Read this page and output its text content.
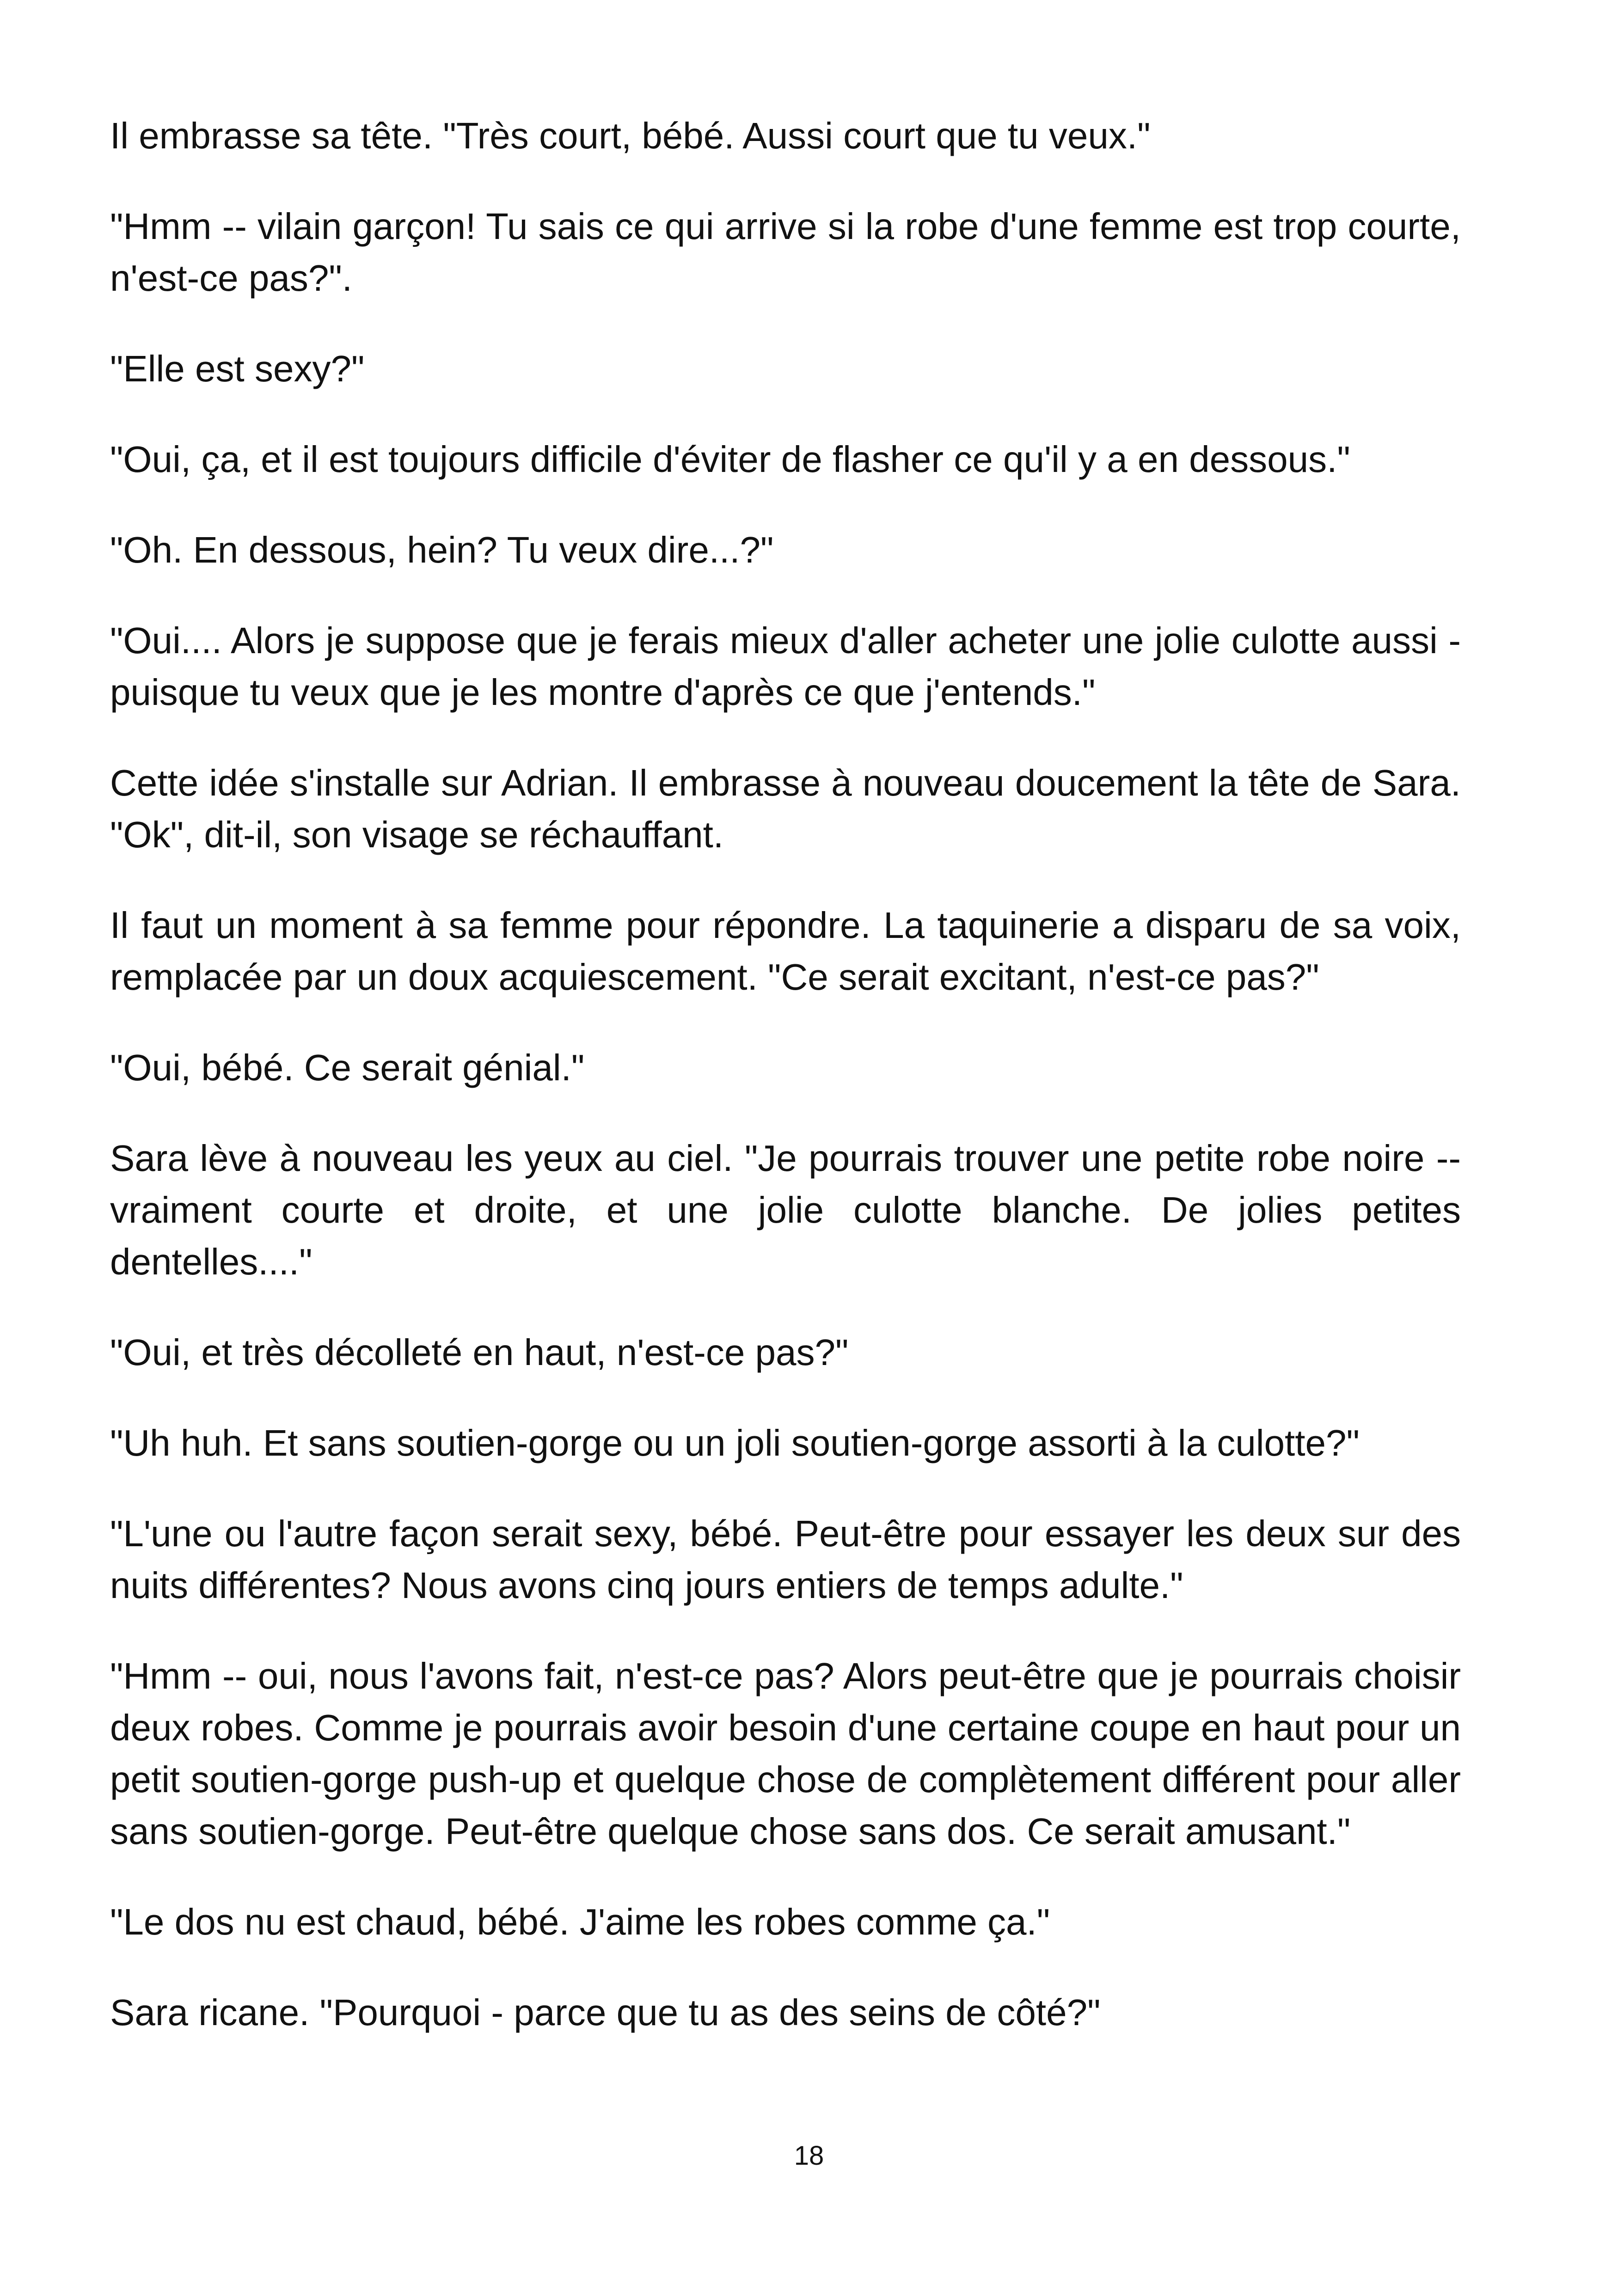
Il embrasse sa tête. "Très court, bébé. Aussi court que tu veux."

"Hmm -- vilain garçon! Tu sais ce qui arrive si la robe d'une femme est trop courte, n'est-ce pas?".

"Elle est sexy?"

"Oui, ça, et il est toujours difficile d'éviter de flasher ce qu'il y a en dessous."

"Oh. En dessous, hein? Tu veux dire...?"

"Oui.... Alors je suppose que je ferais mieux d'aller acheter une jolie culotte aussi - puisque tu veux que je les montre d'après ce que j'entends."

Cette idée s'installe sur Adrian. Il embrasse à nouveau doucement la tête de Sara. "Ok", dit-il, son visage se réchauffant.

Il faut un moment à sa femme pour répondre. La taquinerie a disparu de sa voix, remplacée par un doux acquiescement. "Ce serait excitant, n'est-ce pas?"

"Oui, bébé. Ce serait génial."

Sara lève à nouveau les yeux au ciel. "Je pourrais trouver une petite robe noire -- vraiment courte et droite, et une jolie culotte blanche. De jolies petites dentelles...."

"Oui, et très décolleté en haut, n'est-ce pas?"

"Uh huh. Et sans soutien-gorge ou un joli soutien-gorge assorti à la culotte?"

"L'une ou l'autre façon serait sexy, bébé. Peut-être pour essayer les deux sur des nuits différentes? Nous avons cinq jours entiers de temps adulte."

"Hmm -- oui, nous l'avons fait, n'est-ce pas? Alors peut-être que je pourrais choisir deux robes. Comme je pourrais avoir besoin d'une certaine coupe en haut pour un petit soutien-gorge push-up et quelque chose de complètement différent pour aller sans soutien-gorge. Peut-être quelque chose sans dos. Ce serait amusant."

"Le dos nu est chaud, bébé. J'aime les robes comme ça."

Sara ricane. "Pourquoi - parce que tu as des seins de côté?"

18
